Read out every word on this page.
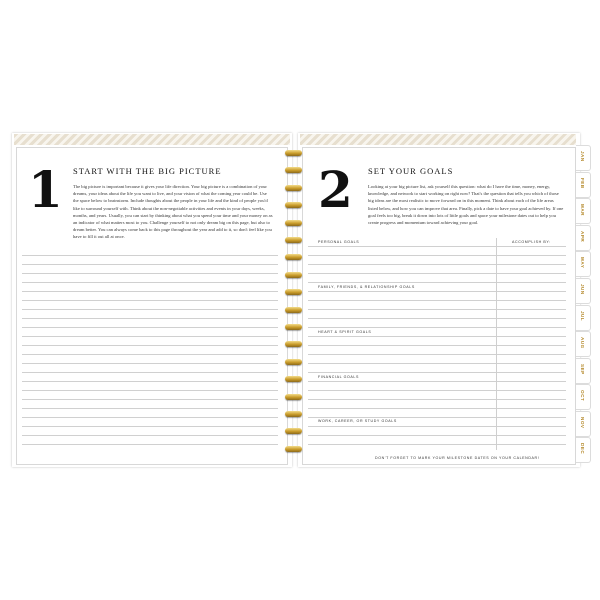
1 START WITH THE BIG PICTURE

The big picture is important because it gives your life direction. Your big picture is a combination of your dreams, your ideas about the life you want to live, and your vision of what the coming year could be. Use the space below to brainstorm. Include thoughts about the people in your life and the kind of people you'd like to surround yourself with. Think about the non-negotiable activities and events in your days, weeks, months, and years. Usually, you can start by thinking about what you spend your time and your money on as an indicator of what matters most to you. Challenge yourself to not only dream big on this page, but also to dream better. You can always come back to this page throughout the year and add to it, so don't feel like you have to fill it out all at once.

2 SET YOUR GOALS

Looking at your big picture list, ask yourself this question: what do I have the time, money, energy, knowledge, and network to start working on right now? That's the question that tells you which of those big ideas are the most realistic to move forward on in this moment. Think about each of the life areas listed below, and how you can improve that area. Finally, pick a date to have your goal achieved by. If one goal feels too big, break it down into lots of little goals and space your milestone dates out to help you create progress and momentum toward achieving your goal.

PERSONAL GOALS
FAMILY, FRIENDS, & RELATIONSHIP GOALS
HEART & SPIRIT GOALS
FINANCIAL GOALS
WORK, CAREER, OR STUDY GOALS
ACCOMPLISH BY:
DON'T FORGET TO MARK YOUR MILESTONE DATES ON YOUR CALENDAR!
JAN
FEB
MAR
APR
MAY
JUN
JUL
AUG
SEP
OCT
NOV
DEC
